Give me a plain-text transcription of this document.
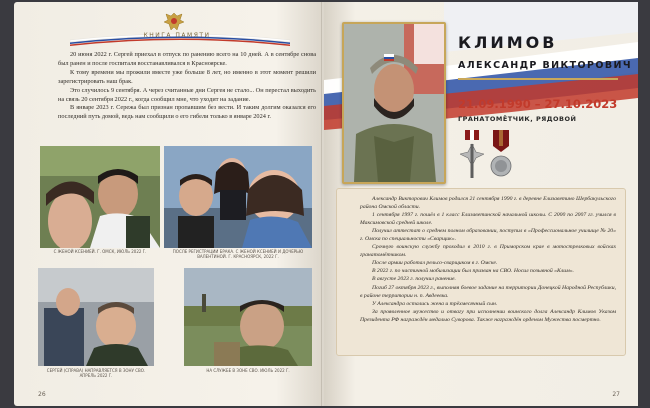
КНИГА ПАМЯТИ

20 июня 2022 г. Сергей приехал в отпуск по ранению всего на 10 дней. А в сентябре снова был ранен и после госпиталя восстанавливался в Красноярске.

К тому времени мы прожили вместе уже больше 8 лет, но именно в этот момент решили зарегистрировать наш брак.

Это случилось 9 сентября. А через считанные дни Сергея не стало... Он перестал выходить на связь 20 сентября 2022 г., когда сообщил мне, что уходит на задание.

В январе 2023 г. Сережа был признан пропавшим без вести. И таким долгим оказался его последний путь домой, ведь нам сообщили о его гибели только в январе 2024 г.

С ЖЕНОЙ КСЕНИЕЙ. Г. ОМСК, ИЮЛЬ 2022 Г.	ПОСЛЕ РЕГИСТРАЦИИ БРАКА. С ЖЕНОЙ КСЕНИЕЙ И ДОЧЕРЬЮ ВАЛЕНТИНОЙ. Г. КРАСНОЯРСК, 2022 Г.
СЕРГЕЙ (СПРАВА) НАПРАВЛЯЕТСЯ В ЗОНУ СВО. АПРЕЛЬ 2022 Г.
НА СЛУЖБЕ В ЗОНЕ СВО. ИЮЛЬ 2022 Г.
26
КЛИМОВ
АЛЕКСАНДР ВИКТОРОВИЧ
21.09.1990 – 27.10.2023
ГРАНАТОМЁТЧИК, РЯДОВОЙ

Александр Викторович Климов родился 21 сентября 1990 г. в деревне Елизаветино Шербакульского района Омской области.

1 сентября 1997 г. пошёл в 1 класс Елизаветинской начальной школы. С 2000 по 2007 гг. учился в Максимовской средней школе.

Получил аттестат о среднем полном образовании, поступил в «Профессиональное училище № 20» г. Омска по специальности «Сварщик».

Срочную воинскую службу проходил в 2010 г. в Приморском крае в мотострелковых войсках гранатомётчиком.

После армии работал рельсо-сварщиком в г. Омске.

В 2022 г. по частичной мобилизации был призван на СВО. Носил позывной «Клим».

В августе 2023 г. получил ранение.

Погиб 27 октября 2023 г., выполняя боевое задание на территории Донецкой Народной Республики, в районе территории н. п. Авдеевка.

У Александра остались жена и трёхмесячный сын.

За проявленное мужество и отвагу при исполнении воинского долга Александр Климов Указом Президента РФ награждён медалью Суворова. Также награждён орденом Мужества посмертно.

27
